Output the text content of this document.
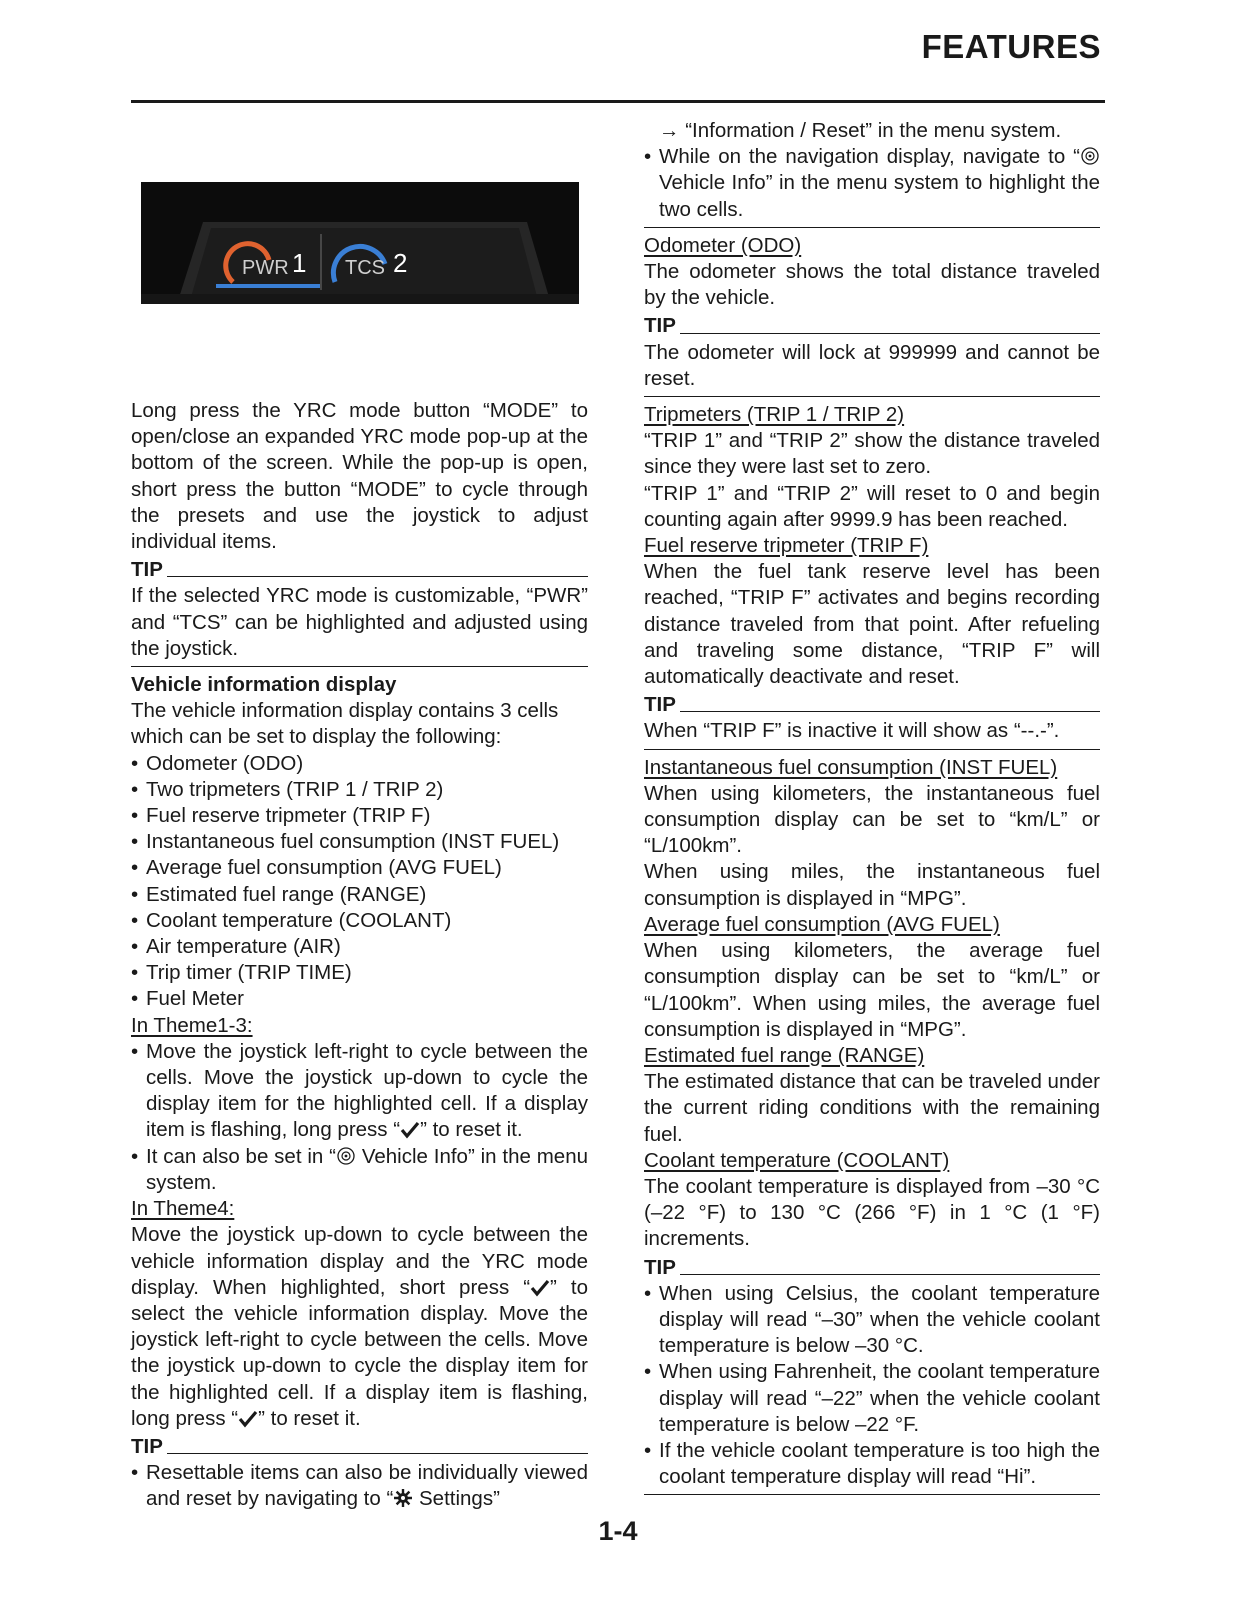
FEATURES
PWR 1 TCS 2

Long press the YRC mode button “MODE” to open/close an expanded YRC mode pop-up at the bottom of the screen. While the pop-up is open, short press the button “MODE” to cycle through the presets and use the joystick to adjust individual items.

TIP

If the selected YRC mode is customizable, “PWR” and “TCS” can be highlighted and adjusted using the joystick.

Vehicle information display

The vehicle information display contains 3 cells which can be set to display the following:

• Odometer (ODO)

• Two tripmeters (TRIP 1 / TRIP 2)

• Fuel reserve tripmeter (TRIP F)

• Instantaneous fuel consumption (INST FUEL)

• Average fuel consumption (AVG FUEL)

• Estimated fuel range (RANGE)

• Coolant temperature (COOLANT)

• Air temperature (AIR)

• Trip timer (TRIP TIME)

• Fuel Meter

In Theme1-3:

• Move the joystick left-right to cycle between the cells. Move the joystick up-down to cycle the display item for the highlighted cell. If a display item is flashing, long press “ ” to reset it.

• It can also be set in “ Vehicle Info” in the menu system.

In Theme4:

Move the joystick up-down to cycle between the vehicle information display and the YRC mode display. When highlighted, short press “ ” to select the vehicle information display. Move the joystick left-right to cycle between the cells. Move the joystick up-down to cycle the display item for the highlighted cell. If a display item is flashing, long press “ ” to reset it.

TIP

• Resettable items can also be individually viewed and reset by navigating to “ Settings”

→ “Information / Reset” in the menu system.

• While on the navigation display, navigate to “ Vehicle Info” in the menu system to highlight the two cells.

Odometer (ODO)

The odometer shows the total distance traveled by the vehicle.

TIP

The odometer will lock at 999999 and cannot be reset.

Tripmeters (TRIP 1 / TRIP 2)

“TRIP 1” and “TRIP 2” show the distance traveled since they were last set to zero.

“TRIP 1” and “TRIP 2” will reset to 0 and begin counting again after 9999.9 has been reached.

Fuel reserve tripmeter (TRIP F)

When the fuel tank reserve level has been reached, “TRIP F” activates and begins recording distance traveled from that point. After refueling and traveling some distance, “TRIP F” will automatically deactivate and reset.

TIP

When “TRIP F” is inactive it will show as “--.-”.

Instantaneous fuel consumption (INST FUEL)

When using kilometers, the instantaneous fuel consumption display can be set to “km/L” or “L/100km”.

When using miles, the instantaneous fuel consumption is displayed in “MPG”.

Average fuel consumption (AVG FUEL)

When using kilometers, the average fuel consumption display can be set to “km/L” or “L/100km”. When using miles, the average fuel consumption is displayed in “MPG”.

Estimated fuel range (RANGE)

The estimated distance that can be traveled under the current riding conditions with the remaining fuel.

Coolant temperature (COOLANT)

The coolant temperature is displayed from –30 °C (–22 °F) to 130 °C (266 °F) in 1 °C (1 °F) increments.

TIP

• When using Celsius, the coolant temperature display will read “–30” when the vehicle coolant temperature is below –30 °C.

• When using Fahrenheit, the coolant temperature display will read “–22” when the vehicle coolant temperature is below –22 °F.

• If the vehicle coolant temperature is too high the coolant temperature display will read “Hi”.

1-4
